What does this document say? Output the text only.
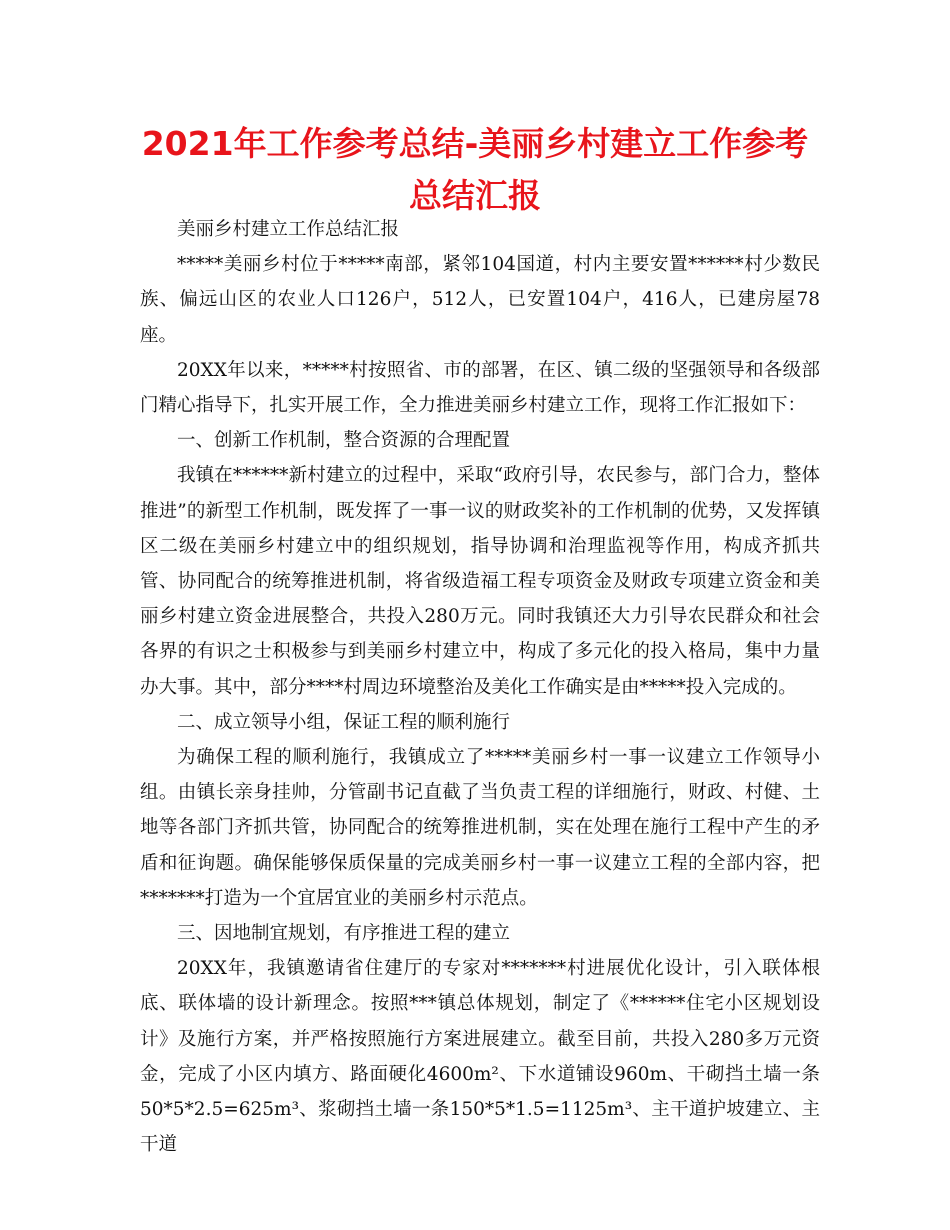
2021年工作参考总结-美丽乡村建立工作参考总结汇报

美丽乡村建立工作总结汇报

*****美丽乡村位于*****南部，紧邻104国道，村内主要安置******村少数民族、偏远山区的农业人口126户，512人，已安置104户，416人，已建房屋78座。

20XX年以来，*****村按照省、市的部署，在区、镇二级的坚强领导和各级部门精心指导下，扎实开展工作，全力推进美丽乡村建立工作，现将工作汇报如下：

一、创新工作机制，整合资源的合理配置

我镇在******新村建立的过程中，采取“政府引导，农民参与，部门合力，整体推进”的新型工作机制，既发挥了一事一议的财政奖补的工作机制的优势，又发挥镇区二级在美丽乡村建立中的组织规划，指导协调和治理监视等作用，构成齐抓共管、协同配合的统筹推进机制，将省级造福工程专项资金及财政专项建立资金和美丽乡村建立资金进展整合，共投入280万元。同时我镇还大力引导农民群众和社会各界的有识之士积极参与到美丽乡村建立中，构成了多元化的投入格局，集中力量办大事。其中，部分****村周边环境整治及美化工作确实是由*****投入完成的。

二、成立领导小组，保证工程的顺利施行

为确保工程的顺利施行，我镇成立了*****美丽乡村一事一议建立工作领导小组。由镇长亲身挂帅，分管副书记直截了当负责工程的详细施行，财政、村健、土地等各部门齐抓共管，协同配合的统筹推进机制，实在处理在施行工程中产生的矛盾和征询题。确保能够保质保量的完成美丽乡村一事一议建立工程的全部内容，把*******打造为一个宜居宜业的美丽乡村示范点。

三、因地制宜规划，有序推进工程的建立

20XX年，我镇邀请省住建厅的专家对*******村进展优化设计，引入联体根底、联体墙的设计新理念。按照***镇总体规划，制定了《******住宅小区规划设计》及施行方案，并严格按照施行方案进展建立。截至目前，共投入280多万元资金，完成了小区内填方、路面硬化4600m²、下水道铺设960m、干砌挡土墙一条50*5*2.5=625m³、浆砌挡土墙一条150*5*1.5=1125m³、主干道护坡建立、主干道
